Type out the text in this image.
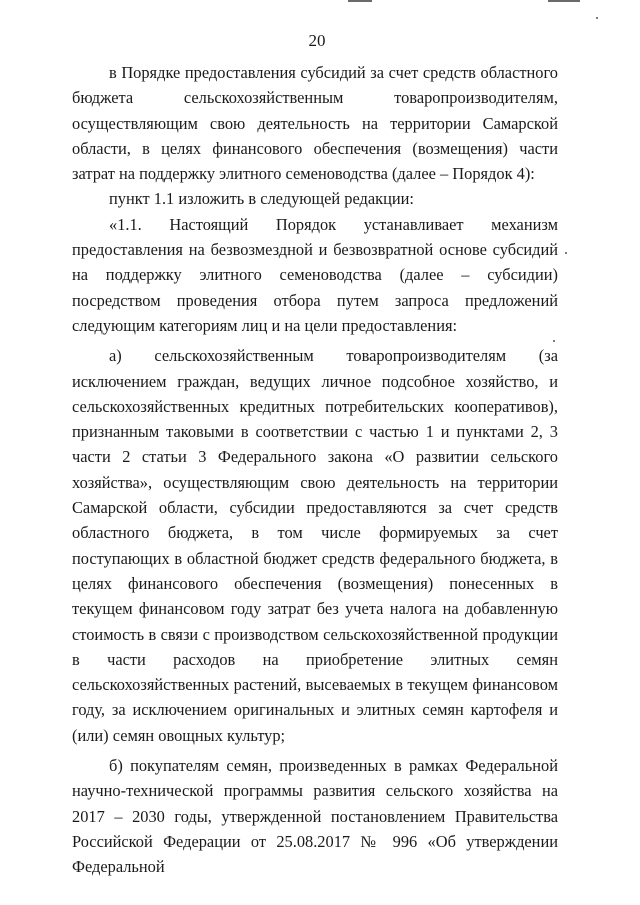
20

в Порядке предоставления субсидий за счет средств областного бюджета сельскохозяйственным товаропроизводителям, осуществляющим свою деятельность на территории Самарской области, в целях финансового обеспечения (возмещения) части затрат на поддержку элитного семеноводства (далее – Порядок 4):

пункт 1.1 изложить в следующей редакции:

«1.1. Настоящий Порядок устанавливает механизм предоставления на безвозмездной и безвозвратной основе субсидий на поддержку элитного семеноводства (далее – субсидии) посредством проведения отбора путем запроса предложений следующим категориям лиц и на цели предоставления:

а) сельскохозяйственным товаропроизводителям (за исключением граждан, ведущих личное подсобное хозяйство, и сельскохозяйственных кредитных потребительских кооперативов), признанным таковыми в соответствии с частью 1 и пунктами 2, 3 части 2 статьи 3 Федерального закона «О развитии сельского хозяйства», осуществляющим свою деятельность на территории Самарской области, субсидии предоставляются за счет средств областного бюджета, в том числе формируемых за счет поступающих в областной бюджет средств федерального бюджета, в целях финансового обеспечения (возмещения) понесенных в текущем финансовом году затрат без учета налога на добавленную стоимость в связи с производством сельскохозяйственной продукции в части расходов на приобретение элитных семян сельскохозяйственных растений, высеваемых в текущем финансовом году, за исключением оригинальных и элитных семян картофеля и (или) семян овощных культур;

б) покупателям семян, произведенных в рамках Федеральной научно-технической программы развития сельского хозяйства на 2017 – 2030 годы, утвержденной постановлением Правительства Российской Федерации от 25.08.2017 № 996 «Об утверждении Федеральной
